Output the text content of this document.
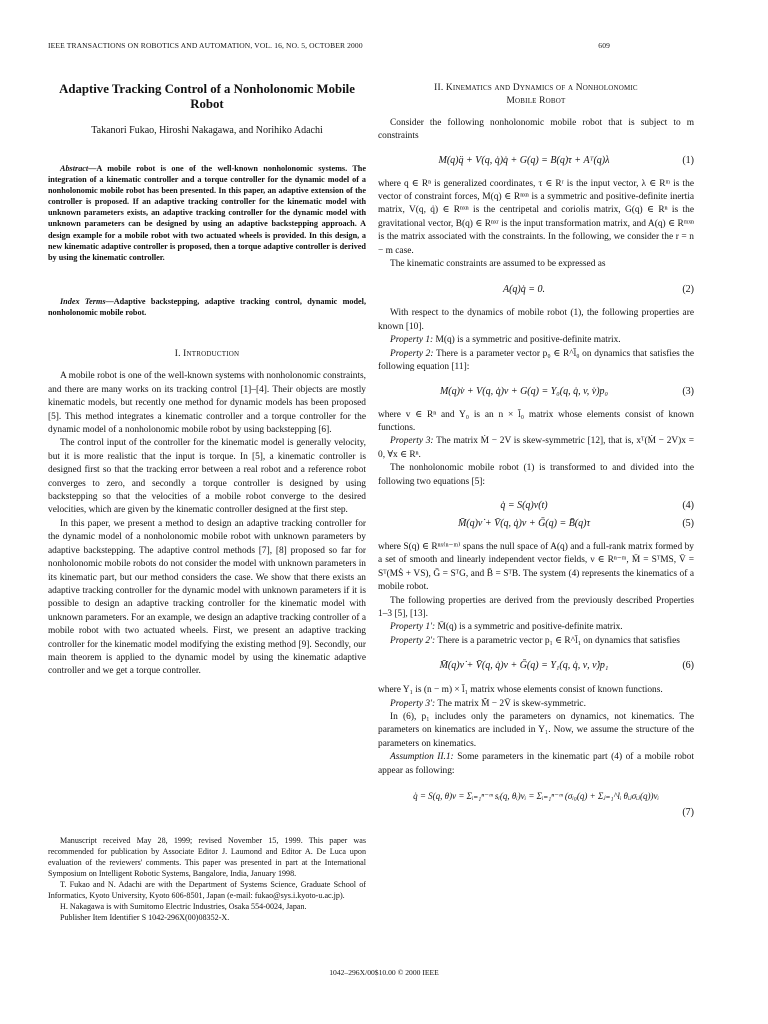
IEEE TRANSACTIONS ON ROBOTICS AND AUTOMATION, VOL. 16, NO. 5, OCTOBER 2000	609
Adaptive Tracking Control of a Nonholonomic Mobile Robot
Takanori Fukao, Hiroshi Nakagawa, and Norihiko Adachi

Abstract—A mobile robot is one of the well-known nonholonomic systems. The integration of a kinematic controller and a torque controller for the dynamic model of a nonholonomic mobile robot has been presented. In this paper, an adaptive extension of the controller is proposed. If an adaptive tracking controller for the kinematic model with unknown parameters exists, an adaptive tracking controller for the dynamic model with unknown parameters can be designed by using an adaptive backstepping approach. A design example for a mobile robot with two actuated wheels is provided. In this design, a new kinematic adaptive controller is proposed, then a torque adaptive controller is derived by using the kinematic controller.

Index Terms—Adaptive backstepping, adaptive tracking control, dynamic model, nonholonomic mobile robot.

I. Introduction

A mobile robot is one of the well-known systems with nonholonomic constraints, and there are many works on its tracking control [1]–[4]. Their objects are mostly kinematic models, but recently one method for dynamic models has been proposed [5]. This method integrates a kinematic controller and a torque controller for the dynamic model of a nonholonomic mobile robot by using backstepping [6].

The control input of the controller for the kinematic model is generally velocity, but it is more realistic that the input is torque. In [5], a kinematic controller is designed first so that the tracking error between a real robot and a reference robot converges to zero, and secondly a torque controller is designed by using backstepping so that the velocities of a mobile robot converge to the desired velocities, which are given by the kinematic controller designed at the first step.

In this paper, we present a method to design an adaptive tracking controller for the dynamic model of a nonholonomic mobile robot with unknown parameters by adaptive backstepping. The adaptive control methods [7], [8] proposed so far for nonholonomic mobile robots do not consider the model with unknown parameters in its kinematic part, but our method considers the case. We show that there exists an adaptive tracking controller for the dynamic model with unknown parameters if it is possible to design an adaptive tracking controller for the kinematic model with unknown parameters. For an example, we design an adaptive tracking controller of a mobile robot with two actuated wheels. First, we present an adaptive tracking controller for the kinematic model modifying the existing method [9]. Secondly, our main theorem is applied to the dynamic model by using the kinematic adaptive controller and we get a torque controller.

Manuscript received May 28, 1999; revised November 15, 1999. This paper was recommended for publication by Associate Editor J. Laumond and Editor A. De Luca upon evaluation of the reviewers' comments. This paper was presented in part at the International Symposium on Intelligent Robotic Systems, Bangalore, India, January 1998.

T. Fukao and N. Adachi are with the Department of Systems Science, Graduate School of Informatics, Kyoto University, Kyoto 606-8501, Japan (e-mail: fukao@sys.i.kyoto-u.ac.jp).

H. Nakagawa is with Sumitomo Electric Industries, Osaka 554-0024, Japan.

Publisher Item Identifier S 1042-296X(00)08352-X.

II. Kinematics and Dynamics of a Nonholonomic
Mobile Robot

Consider the following nonholonomic mobile robot that is subject to m constraints

M(q)q̈ + V(q, q̇)q̇ + G(q) = B(q)τ + Aᵀ(q)λ	(1)

where q ∈ Rⁿ is generalized coordinates, τ ∈ Rʳ is the input vector, λ ∈ Rᵐ is the vector of constraint forces, M(q) ∈ Rⁿˣⁿ is a symmetric and positive-definite inertia matrix, V(q, q̇) ∈ Rⁿˣⁿ is the centripetal and coriolis matrix, G(q) ∈ Rⁿ is the gravitational vector, B(q) ∈ Rⁿˣʳ is the input transformation matrix, and A(q) ∈ Rᵐˣⁿ is the matrix associated with the constraints. In the following, we consider the r = n − m case.

The kinematic constraints are assumed to be expressed as

A(q)q̇ = 0.	(2)

With respect to the dynamics of mobile robot (1), the following properties are known [10].

Property 1: M(q) is a symmetric and positive-definite matrix.

Property 2: There is a parameter vector p₀ ∈ R^l̄₀ on dynamics that satisfies the following equation [11]:

M(q)v̇ + V(q, q̇)v + G(q) = Y₀(q, q̇, v, v̇)p₀	(3)

where v ∈ Rⁿ and Y₀ is an n × l̄₀ matrix whose elements consist of known functions.

Property 3: The matrix Ṁ − 2V is skew-symmetric [12], that is, xᵀ(Ṁ − 2V)x = 0, ∀x ∈ Rⁿ.

The nonholonomic mobile robot (1) is transformed to and divided into the following two equations [5]:

q̇ = S(q)ν(t)	(4)
M̄(q)ν̇ + V̄(q, q̇)ν + Ḡ(q) = B̄(q)τ	(5)

where S(q) ∈ Rⁿˣ⁽ⁿ⁻ᵐ⁾ spans the null space of A(q) and a full-rank matrix formed by a set of smooth and linearly independent vector fields, ν ∈ Rⁿ⁻ᵐ, M̄ = SᵀMS, V̄ = Sᵀ(MṠ + VS), Ḡ = SᵀG, and B̄ = SᵀB. The system (4) represents the kinematics of a mobile robot.

The following properties are derived from the previously described Properties 1–3 [5], [13].

Property 1′: M̄(q) is a symmetric and positive-definite matrix.

Property 2′: There is a parametric vector p₁ ∈ R^l̄₁ on dynamics that satisfies

M̄(q)ν̇ + V̄(q, q̇)ν + Ḡ(q) = Y₁(q, q̇, ν, ν̇)p₁	(6)

where Y₁ is (n − m) × l̄₁ matrix whose elements consist of known functions.

Property 3′: The matrix M̄̇ − 2V̄ is skew-symmetric.

In (6), p₁ includes only the parameters on dynamics, not kinematics. The parameters on kinematics are included in Y₁. Now, we assume the structure of the parameters on kinematics.

Assumption II.1: Some parameters in the kinematic part (4) of a mobile robot appear as following:

q̇ = S(q, θ)ν = Σᵢ₌₁ⁿ⁻ᵐ sᵢ(q, θᵢ)νᵢ = Σᵢ₌₁ⁿ⁻ᵐ (σᵢ₀(q) + Σⱼ₌₁^lᵢ θᵢⱼσᵢⱼ(q))νᵢ
(7)
1042–296X/00$10.00 © 2000 IEEE
